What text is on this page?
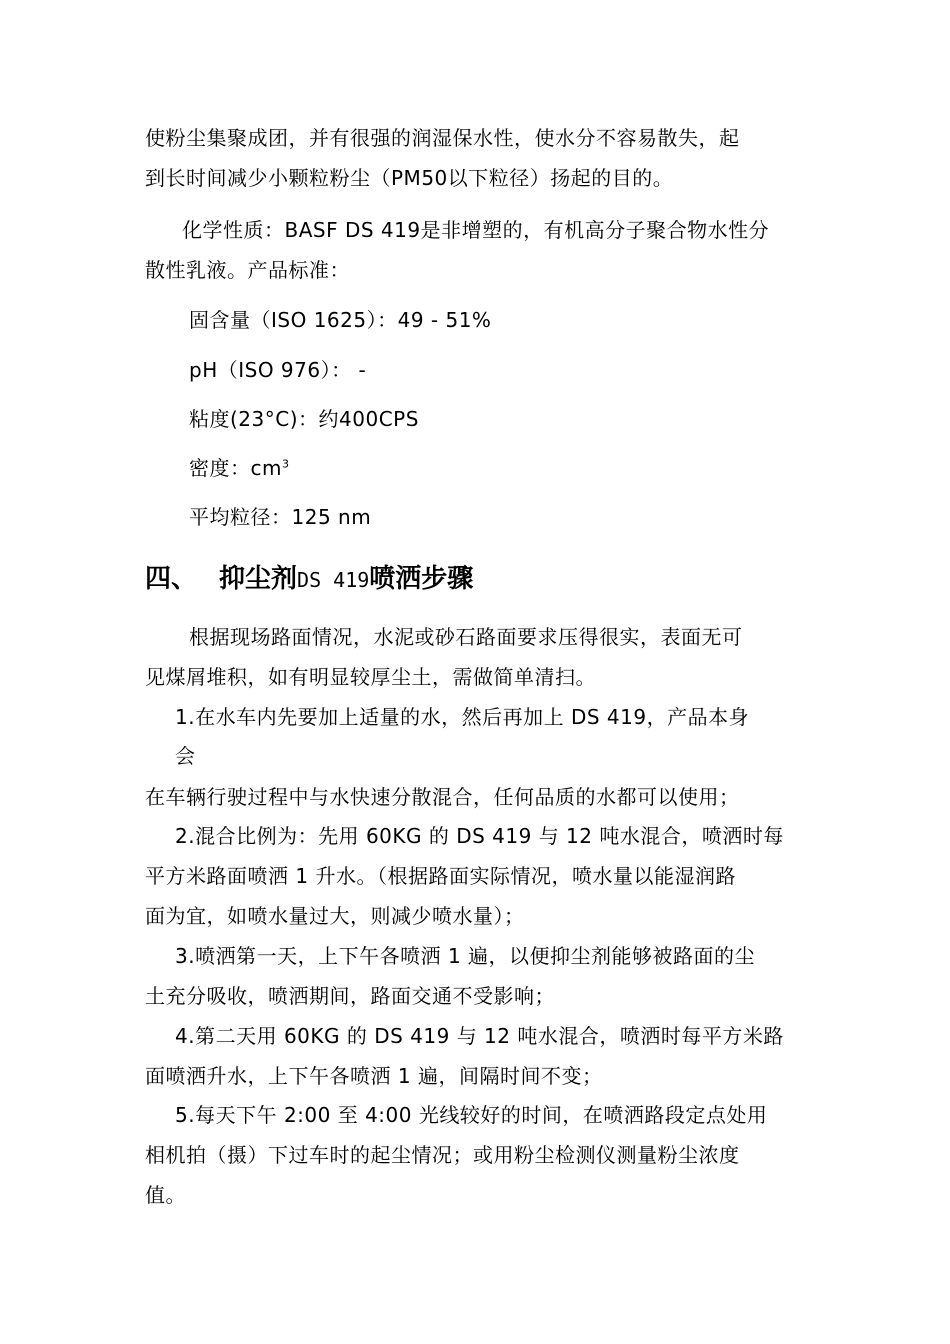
使粉尘集聚成团，并有很强的润湿保水性，使水分不容易散失，起
到长时间减少小颗粒粉尘（PM50以下粒径）扬起的目的。
化学性质：BASF DS 419是非增塑的，有机高分子聚合物水性分
散性乳液。产品标准：
固含量（ISO 1625）：49 - 51%
pH（ISO 976）： -
粘度(23°C)：约400CPS
密度：$cm^3$
平均粒径：125 nm
四、 抑尘剂DS 419喷洒步骤
根据现场路面情况，水泥或砂石路面要求压得很实，表面无可
见煤屑堆积，如有明显较厚尘土，需做简单清扫。
1.在水车内先要加上适量的水，然后再加上 DS 419，产品本身
会
在车辆行驶过程中与水快速分散混合，任何品质的水都可以使用；
2.混合比例为：先用 60KG 的 DS 419 与 12 吨水混合，喷洒时每
平方米路面喷洒 1 升水。（根据路面实际情况，喷水量以能湿润路
面为宜，如喷水量过大，则减少喷水量）；
3.喷洒第一天，上下午各喷洒 1 遍，以便抑尘剂能够被路面的尘
土充分吸收，喷洒期间，路面交通不受影响；
4.第二天用 60KG 的 DS 419 与 12 吨水混合，喷洒时每平方米路
面喷洒升水，上下午各喷洒 1 遍，间隔时间不变；
5.每天下午 2:00 至 4:00 光线较好的时间，在喷洒路段定点处用
相机拍（摄）下过车时的起尘情况；或用粉尘检测仪测量粉尘浓度
值。
